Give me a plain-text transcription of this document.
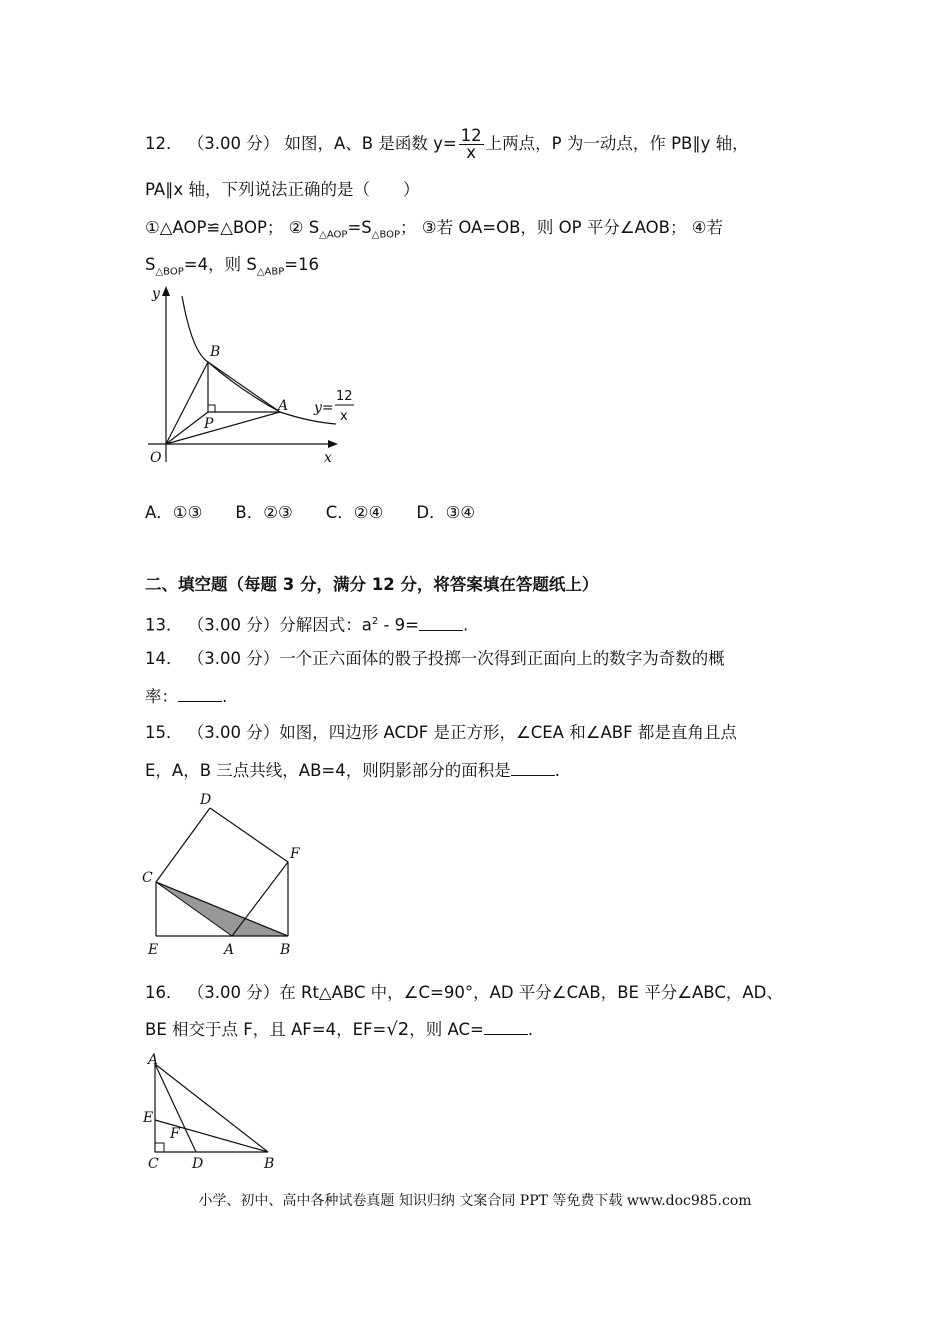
12． （3.00 分） 如图，A、B 是函数 $y= \frac{12}{x}$ 上两点，P 为一动点，作 PB∥y 轴，
PA∥x 轴，下列说法正确的是（　　）
①△AOP≌△BOP； ② $S_{\triangle AOP}=S_{\triangle BOP}$； ③若 OA=OB，则 OP 平分∠AOB； ④若
$S_{\triangle BOP}=4$，则 $S_{\triangle ABP}=16$
y
x
O
B
A
P
y=
12
x
A．①③　　B．②③　　C．②④　　D．③④
二、填空题（每题 3 分，满分 12 分，将答案填在答题纸上）
13． （3.00 分）分解因式：$a^2 - 9=$	.
14． （3.00 分）一个正六面体的骰子投掷一次得到正面向上的数字为奇数的概
率：	.
15． （3.00 分）如图，四边形 ACDF 是正方形，∠CEA 和∠ABF 都是直角且点
E，A，B 三点共线，AB=4，则阴影部分的面积是	.
D
F
C
E	A	B
16． （3.00 分）在 Rt△ABC 中，∠C=90°，AD 平分∠CAB，BE 平分∠ABC，AD、
BE 相交于点 F，且 AF=4，EF=√2，则 AC=	.
A
E
F
C D	B
小学、初中、高中各种试卷真题 知识归纳 文案合同 PPT 等免费下载 www.doc985.com
